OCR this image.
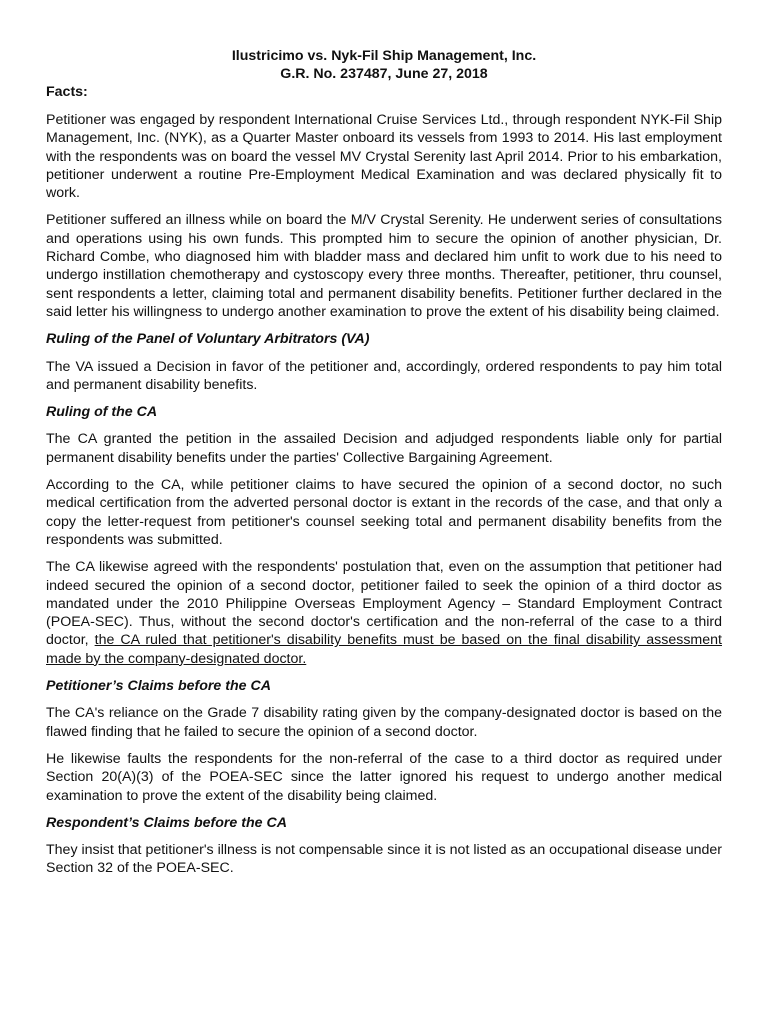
Ilustricimo vs. Nyk-Fil Ship Management, Inc.

G.R. No. 237487, June 27, 2018

Facts:

Petitioner was engaged by respondent International Cruise Services Ltd., through respondent NYK-Fil Ship Management, Inc. (NYK), as a Quarter Master onboard its vessels from 1993 to 2014. His last employment with the respondents was on board the vessel MV Crystal Serenity last April 2014. Prior to his embarkation, petitioner underwent a routine Pre-Employment Medical Examination and was declared physically fit to work.

Petitioner suffered an illness while on board the M/V Crystal Serenity. He underwent series of consultations and operations using his own funds. This prompted him to secure the opinion of another physician, Dr. Richard Combe, who diagnosed him with bladder mass and declared him unfit to work due to his need to undergo instillation chemotherapy and cystoscopy every three months. Thereafter, petitioner, thru counsel, sent respondents a letter, claiming total and permanent disability benefits. Petitioner further declared in the said letter his willingness to undergo another examination to prove the extent of his disability being claimed.

Ruling of the Panel of Voluntary Arbitrators (VA)

The VA issued a Decision in favor of the petitioner and, accordingly, ordered respondents to pay him total and permanent disability benefits.

Ruling of the CA

The CA granted the petition in the assailed Decision and adjudged respondents liable only for partial permanent disability benefits under the parties' Collective Bargaining Agreement.

According to the CA, while petitioner claims to have secured the opinion of a second doctor, no such medical certification from the adverted personal doctor is extant in the records of the case, and that only a copy the letter-request from petitioner's counsel seeking total and permanent disability benefits from the respondents was submitted.

The CA likewise agreed with the respondents' postulation that, even on the assumption that petitioner had indeed secured the opinion of a second doctor, petitioner failed to seek the opinion of a third doctor as mandated under the 2010 Philippine Overseas Employment Agency – Standard Employment Contract (POEA-SEC). Thus, without the second doctor's certification and the non-referral of the case to a third doctor, the CA ruled that petitioner's disability benefits must be based on the final disability assessment made by the company-designated doctor.

Petitioner’s Claims before the CA

The CA's reliance on the Grade 7 disability rating given by the company-designated doctor is based on the flawed finding that he failed to secure the opinion of a second doctor.

He likewise faults the respondents for the non-referral of the case to a third doctor as required under Section 20(A)(3) of the POEA-SEC since the latter ignored his request to undergo another medical examination to prove the extent of the disability being claimed.

Respondent’s Claims before the CA

They insist that petitioner's illness is not compensable since it is not listed as an occupational disease under Section 32 of the POEA-SEC.
